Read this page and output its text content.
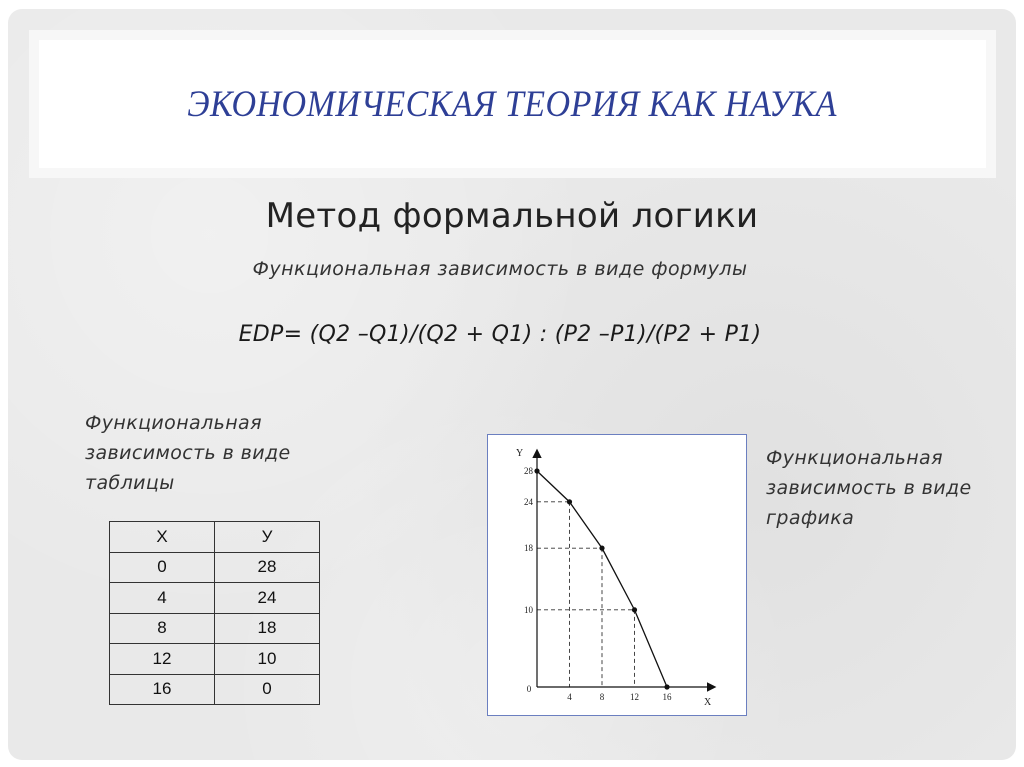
ЭКОНОМИЧЕСКАЯ ТЕОРИЯ КАК НАУКА
Метод формальной логики
Функциональная зависимость в виде формулы
EDP= (Q2 –Q1)/(Q2 + Q1) : (P2 –P1)/(P2 + P1)
Функциональная зависимость в виде таблицы
X	У
0	28
4	24
8	18
12	10
16	0
Y
X
0
4	8	12	16
10
18
24
28
Функциональная зависимость в виде графика
